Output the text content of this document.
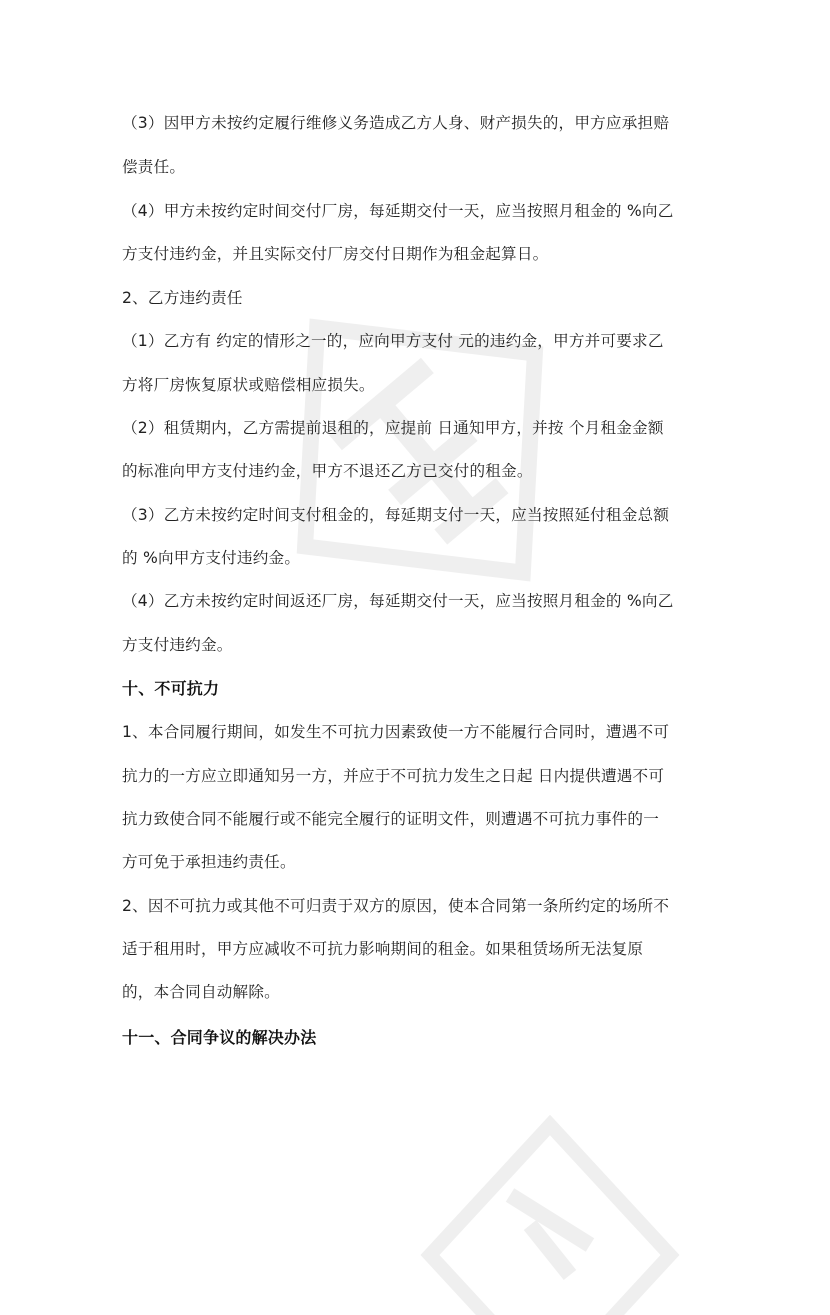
（3）因甲方未按约定履行维修义务造成乙方人身、财产损失的，甲方应承担赔
偿责任。
（4）甲方未按约定时间交付厂房，每延期交付一天，应当按照月租金的 %向乙
方支付违约金，并且实际交付厂房交付日期作为租金起算日。
2、乙方违约责任
（1）乙方有 约定的情形之一的，应向甲方支付 元的违约金，甲方并可要求乙
方将厂房恢复原状或赔偿相应损失。
（2）租赁期内，乙方需提前退租的，应提前 日通知甲方，并按 个月租金金额
的标准向甲方支付违约金，甲方不退还乙方已交付的租金。
（3）乙方未按约定时间支付租金的，每延期支付一天，应当按照延付租金总额
的 %向甲方支付违约金。
（4）乙方未按约定时间返还厂房，每延期交付一天，应当按照月租金的 %向乙
方支付违约金。
十、不可抗力
1、本合同履行期间，如发生不可抗力因素致使一方不能履行合同时，遭遇不可
抗力的一方应立即通知另一方，并应于不可抗力发生之日起 日内提供遭遇不可
抗力致使合同不能履行或不能完全履行的证明文件，则遭遇不可抗力事件的一
方可免于承担违约责任。
2、因不可抗力或其他不可归责于双方的原因，使本合同第一条所约定的场所不
适于租用时，甲方应减收不可抗力影响期间的租金。如果租赁场所无法复原
的，本合同自动解除。
十一、合同争议的解决办法
